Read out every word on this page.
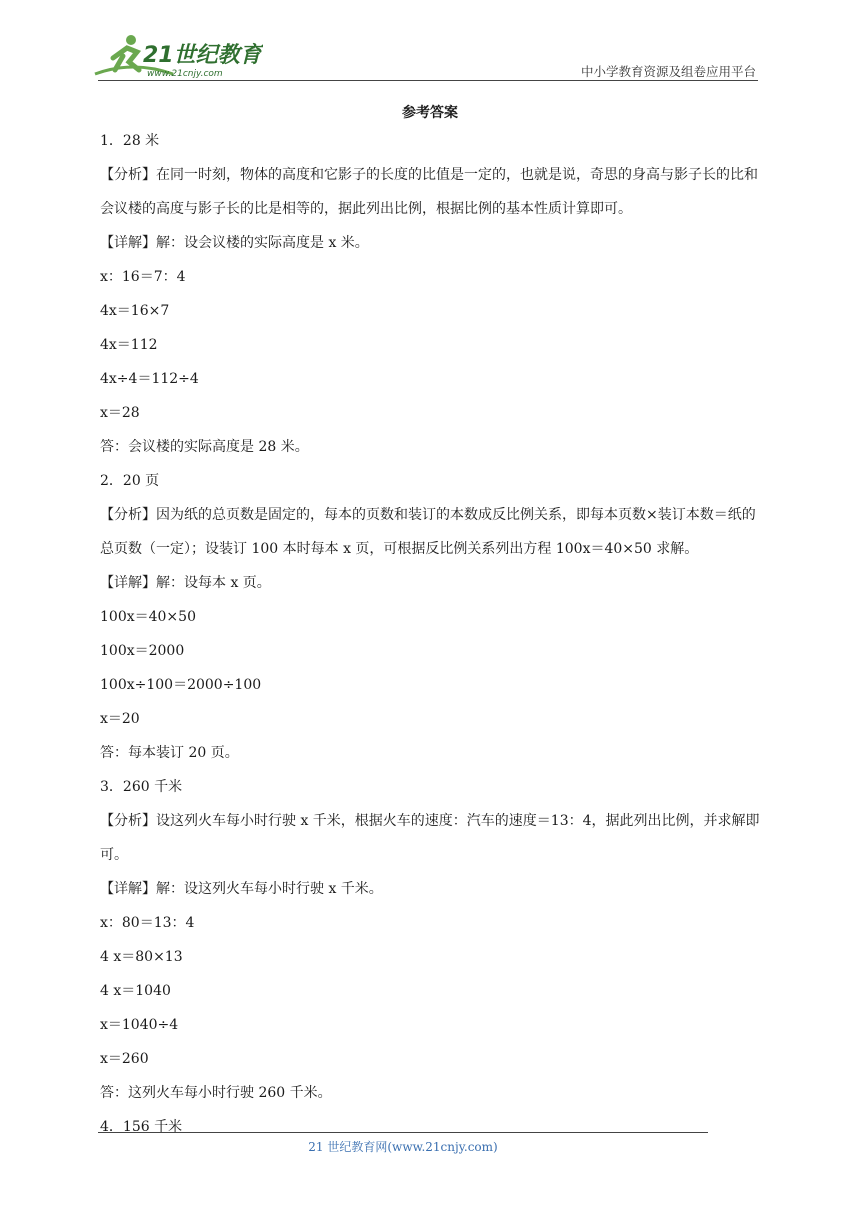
21世纪教育
www.21cnjy.com	中小学教育资源及组卷应用平台
参考答案
1．28 米
【分析】在同一时刻，物体的高度和它影子的长度的比值是一定的，也就是说，奇思的身高与影子长的比和会议楼的高度与影子长的比是相等的，据此列出比例，根据比例的基本性质计算即可。
【详解】解：设会议楼的实际高度是 x 米。
x：16＝7：4
4x＝16×7
4x＝112
4x÷4＝112÷4
x＝28
答：会议楼的实际高度是 28 米。
2．20 页
【分析】因为纸的总页数是固定的，每本的页数和装订的本数成反比例关系，即每本页数×装订本数＝纸的总页数（一定）；设装订 100 本时每本 x 页，可根据反比例关系列出方程 100x＝40×50 求解。
【详解】解：设每本 x 页。
100x＝40×50
100x＝2000
100x÷100＝2000÷100
x＝20
答：每本装订 20 页。
3．260 千米
【分析】设这列火车每小时行驶 x 千米，根据火车的速度：汽车的速度＝13：4，据此列出比例，并求解即可。
【详解】解：设这列火车每小时行驶 x 千米。
x：80＝13：4
4 x＝80×13
4 x＝1040
x＝1040÷4
x＝260
答：这列火车每小时行驶 260 千米。
4．156 千米
21 世纪教育网(www.21cnjy.com)
